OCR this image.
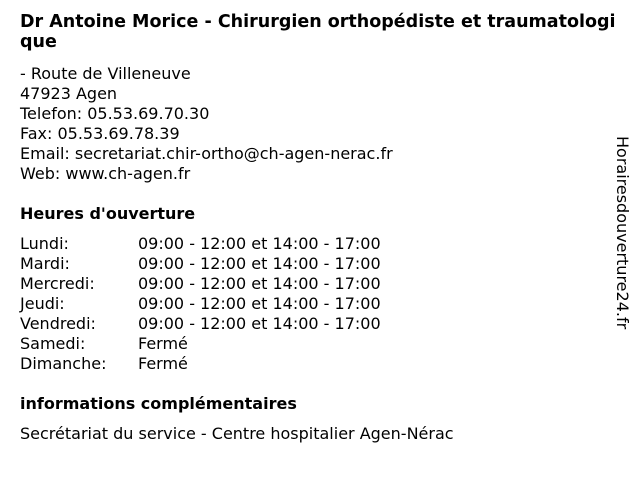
Dr Antoine Morice - Chirurgien orthopédiste et traumatologique
- Route de Villeneuve
47923 Agen
Telefon: 05.53.69.70.30
Fax: 05.53.69.78.39
Email: secretariat.chir-ortho@ch-agen-nerac.fr
Web: www.ch-agen.fr
Heures d'ouverture
Lundi:	09:00 - 12:00 et 14:00 - 17:00
Mardi:	09:00 - 12:00 et 14:00 - 17:00
Mercredi:	09:00 - 12:00 et 14:00 - 17:00
Jeudi:	09:00 - 12:00 et 14:00 - 17:00
Vendredi:	09:00 - 12:00 et 14:00 - 17:00
Samedi:	Fermé
Dimanche: Fermé
informations complémentaires
Secrétariat du service - Centre hospitalier Agen-Nérac
Horairesdouverture24.fr
